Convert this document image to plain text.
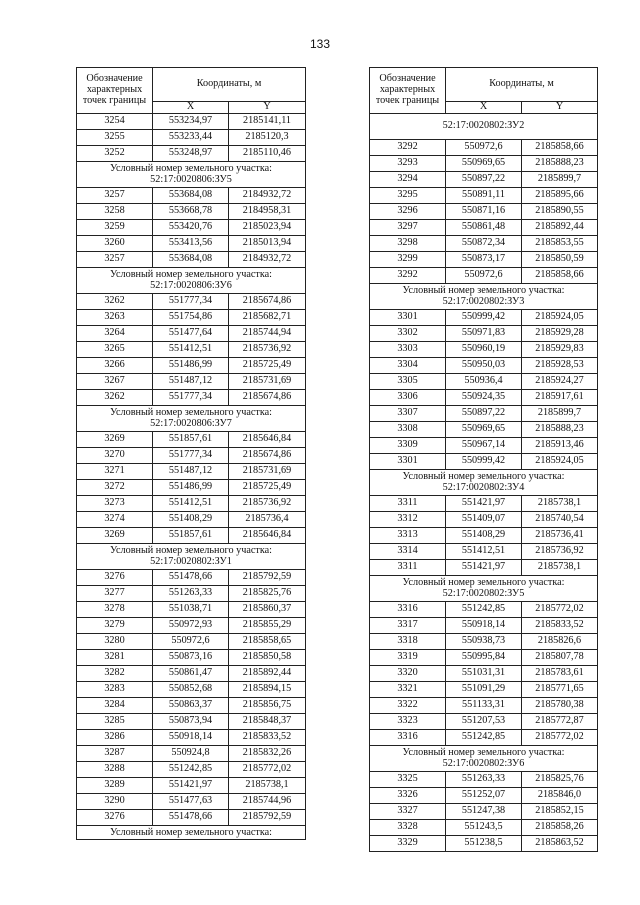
133
Обозначение характерных точек границы	Координаты, м	
	X	Y
3254	553234,97	2185141,11
3255	553233,44	2185120,3
3252	553248,97	2185110,46
Условный номер земельного участка: 52:17:0020806:ЗУ5		
3257	553684,08	2184932,72
3258	553668,78	2184958,31
3259	553420,76	2185023,94
3260	553413,56	2185013,94
3257	553684,08	2184932,72
Условный номер земельного участка: 52:17:0020806:ЗУ6		
3262	551777,34	2185674,86
3263	551754,86	2185682,71
3264	551477,64	2185744,94
3265	551412,51	2185736,92
3266	551486,99	2185725,49
3267	551487,12	2185731,69
3262	551777,34	2185674,86
Условный номер земельного участка: 52:17:0020806:ЗУ7		
3269	551857,61	2185646,84
3270	551777,34	2185674,86
3271	551487,12	2185731,69
3272	551486,99	2185725,49
3273	551412,51	2185736,92
3274	551408,29	2185736,4
3269	551857,61	2185646,84
Условный номер земельного участка: 52:17:0020802:ЗУ1		
3276	551478,66	2185792,59
3277	551263,33	2185825,76
3278	551038,71	2185860,37
3279	550972,93	2185855,29
3280	550972,6	2185858,65
3281	550873,16	2185850,58
3282	550861,47	2185892,44
3283	550852,68	2185894,15
3284	550863,37	2185856,75
3285	550873,94	2185848,37
3286	550918,14	2185833,52
3287	550924,8	2185832,26
3288	551242,85	2185772,02
3289	551421,97	2185738,1
3290	551477,63	2185744,96
3276	551478,66	2185792,59
Условный номер земельного участка:		
Обозначение характерных точек границы	Координаты, м	
	X	Y
52:17:0020802:ЗУ2		
3292	550972,6	2185858,66
3293	550969,65	2185888,23
3294	550897,22	2185899,7
3295	550891,11	2185895,66
3296	550871,16	2185890,55
3297	550861,48	2185892,44
3298	550872,34	2185853,55
3299	550873,17	2185850,59
3292	550972,6	2185858,66
Условный номер земельного участка: 52:17:0020802:ЗУ3		
3301	550999,42	2185924,05
3302	550971,83	2185929,28
3303	550960,19	2185929,83
3304	550950,03	2185928,53
3305	550936,4	2185924,27
3306	550924,35	2185917,61
3307	550897,22	2185899,7
3308	550969,65	2185888,23
3309	550967,14	2185913,46
3301	550999,42	2185924,05
Условный номер земельного участка: 52:17:0020802:ЗУ4		
3311	551421,97	2185738,1
3312	551409,07	2185740,54
3313	551408,29	2185736,41
3314	551412,51	2185736,92
3311	551421,97	2185738,1
Условный номер земельного участка: 52:17:0020802:ЗУ5		
3316	551242,85	2185772,02
3317	550918,14	2185833,52
3318	550938,73	2185826,6
3319	550995,84	2185807,78
3320	551031,31	2185783,61
3321	551091,29	2185771,65
3322	551133,31	2185780,38
3323	551207,53	2185772,87
3316	551242,85	2185772,02
Условный номер земельного участка: 52:17:0020802:ЗУ6		
3325	551263,33	2185825,76
3326	551252,07	2185846,0
3327	551247,38	2185852,15
3328	551243,5	2185858,26
3329	551238,5	2185863,52
